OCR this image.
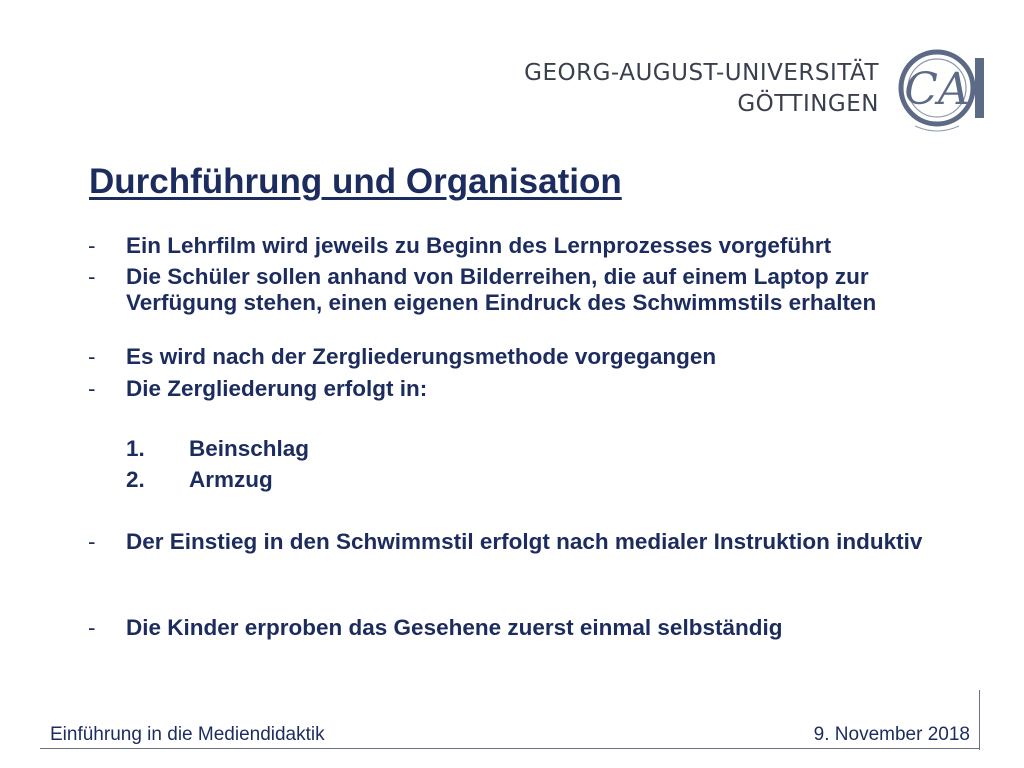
GEORG-AUGUST-UNIVERSITÄT
GÖTTINGEN CA
Durchführung und Organisation
-	Ein Lehrfilm wird jeweils zu Beginn des Lernprozesses vorgeführt
-	Die Schüler sollen anhand von Bilderreihen, die auf einem Laptop zur Verfügung stehen, einen eigenen Eindruck des Schwimmstils erhalten
-	Es wird nach der Zergliederungsmethode vorgegangen
-	Die Zergliederung erfolgt in:
1.	Beinschlag
2.	Armzug
-	Der Einstieg in den Schwimmstil erfolgt nach medialer Instruktion induktiv
-	Die Kinder erproben das Gesehene zuerst einmal selbständig
Einführung in die Mediendidaktik	9. November 2018
